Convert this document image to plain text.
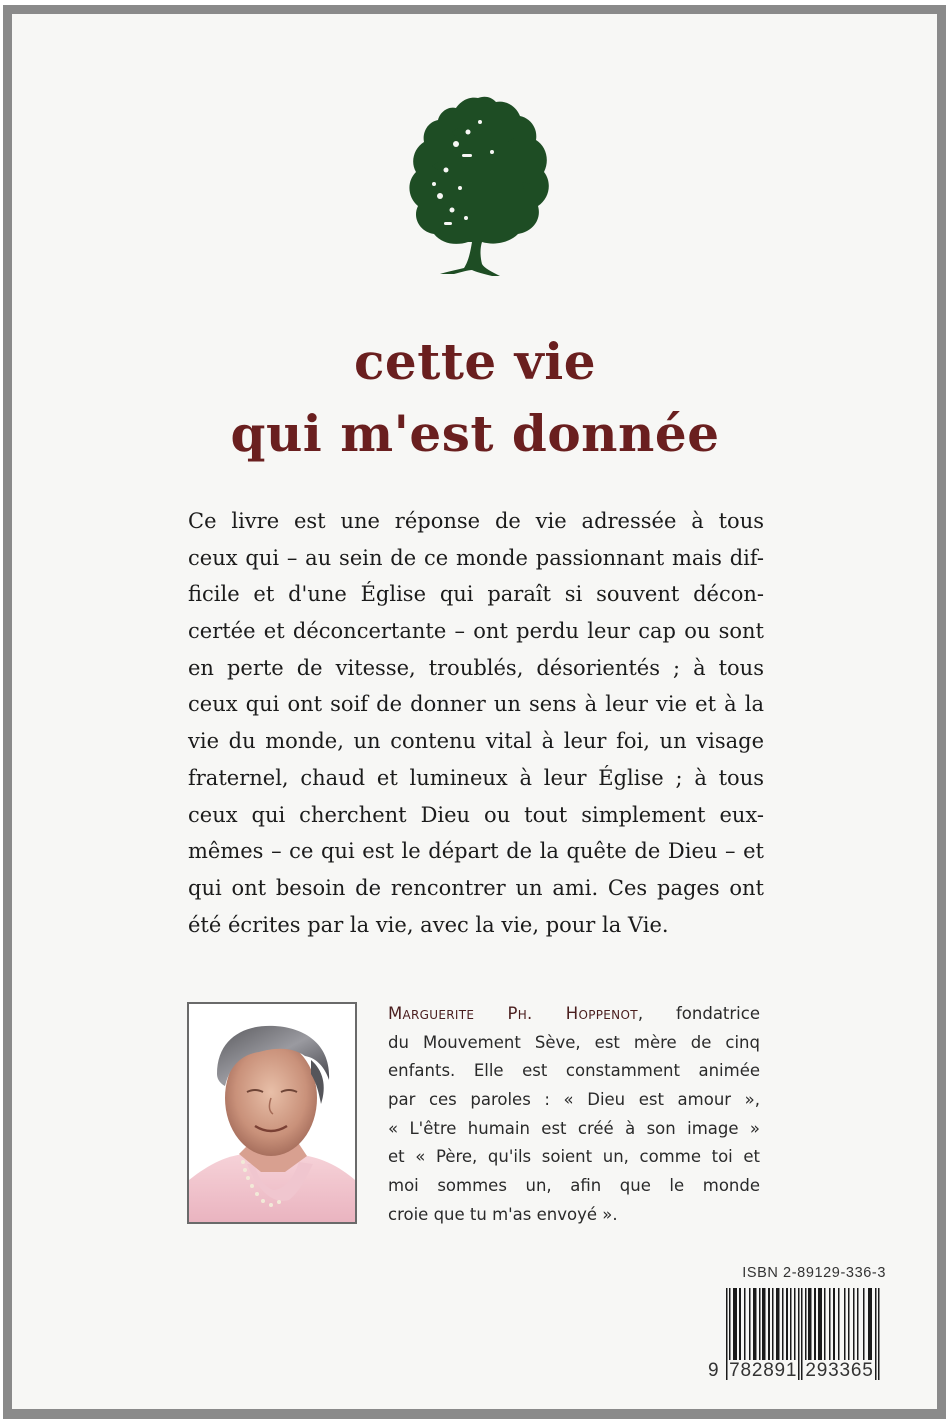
cette vie
qui m'est donnée
Ce livre est une réponse de vie adressée à tous
ceux qui – au sein de ce monde passionnant mais dif-
ficile et d'une Église qui paraît si souvent décon-
certée et déconcertante – ont perdu leur cap ou sont
en perte de vitesse, troublés, désorientés ; à tous
ceux qui ont soif de donner un sens à leur vie et à la
vie du monde, un contenu vital à leur foi, un visage
fraternel, chaud et lumineux à leur Église ; à tous
ceux qui cherchent Dieu ou tout simplement eux-
mêmes – ce qui est le départ de la quête de Dieu – et
qui ont besoin de rencontrer un ami. Ces pages ont
été écrites par la vie, avec la vie, pour la Vie.
Marguerite Ph. Hoppenot, fondatrice
du Mouvement Sève, est mère de cinq
enfants. Elle est constamment animée
par ces paroles : « Dieu est amour »,
« L'être humain est créé à son image »
et « Père, qu'ils soient un, comme toi et
moi sommes un, afin que le monde
croie que tu m'as envoyé ».
ISBN 2-89129-336-3
9 782891 293365
